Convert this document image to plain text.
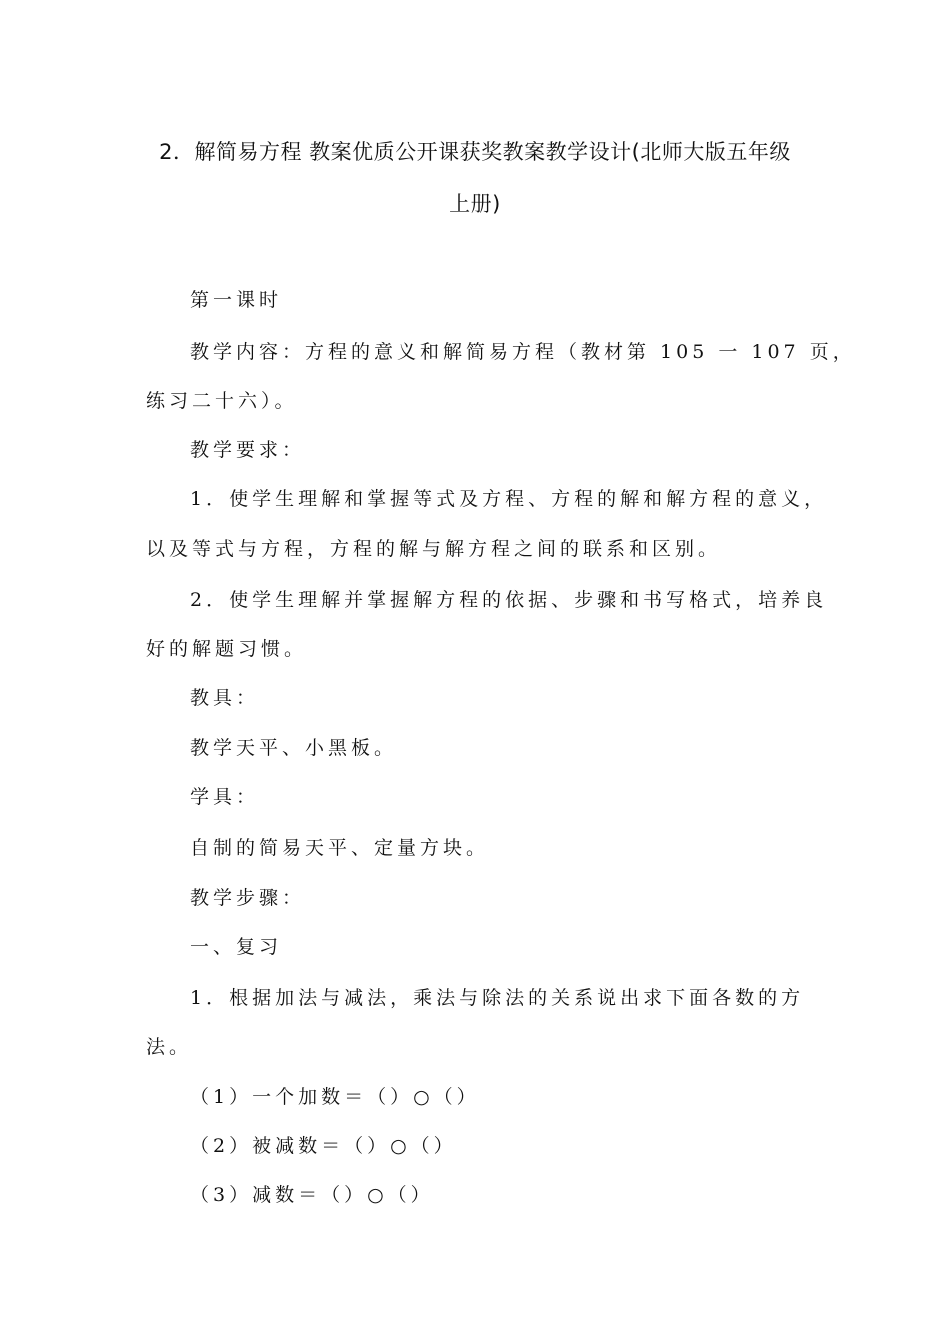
2．解简易方程 教案优质公开课获奖教案教学设计(北师大版五年级
上册)
第一课时
教学内容：方程的意义和解简易方程（教材第 105 一 107 页，
练习二十六）。
教学要求：
1．使学生理解和掌握等式及方程、方程的解和解方程的意义，
以及等式与方程，方程的解与解方程之间的联系和区别。
2．使学生理解并掌握解方程的依据、步骤和书写格式，培养良
好的解题习惯。
教具：
教学天平、小黑板。
学具：
自制的简易天平、定量方块。
教学步骤：
一、复习
1．根据加法与减法，乘法与除法的关系说出求下面各数的方
法。
（1）一个加数＝（）○（）
（2）被减数＝（）○（）
（3）减数＝（）○（）
